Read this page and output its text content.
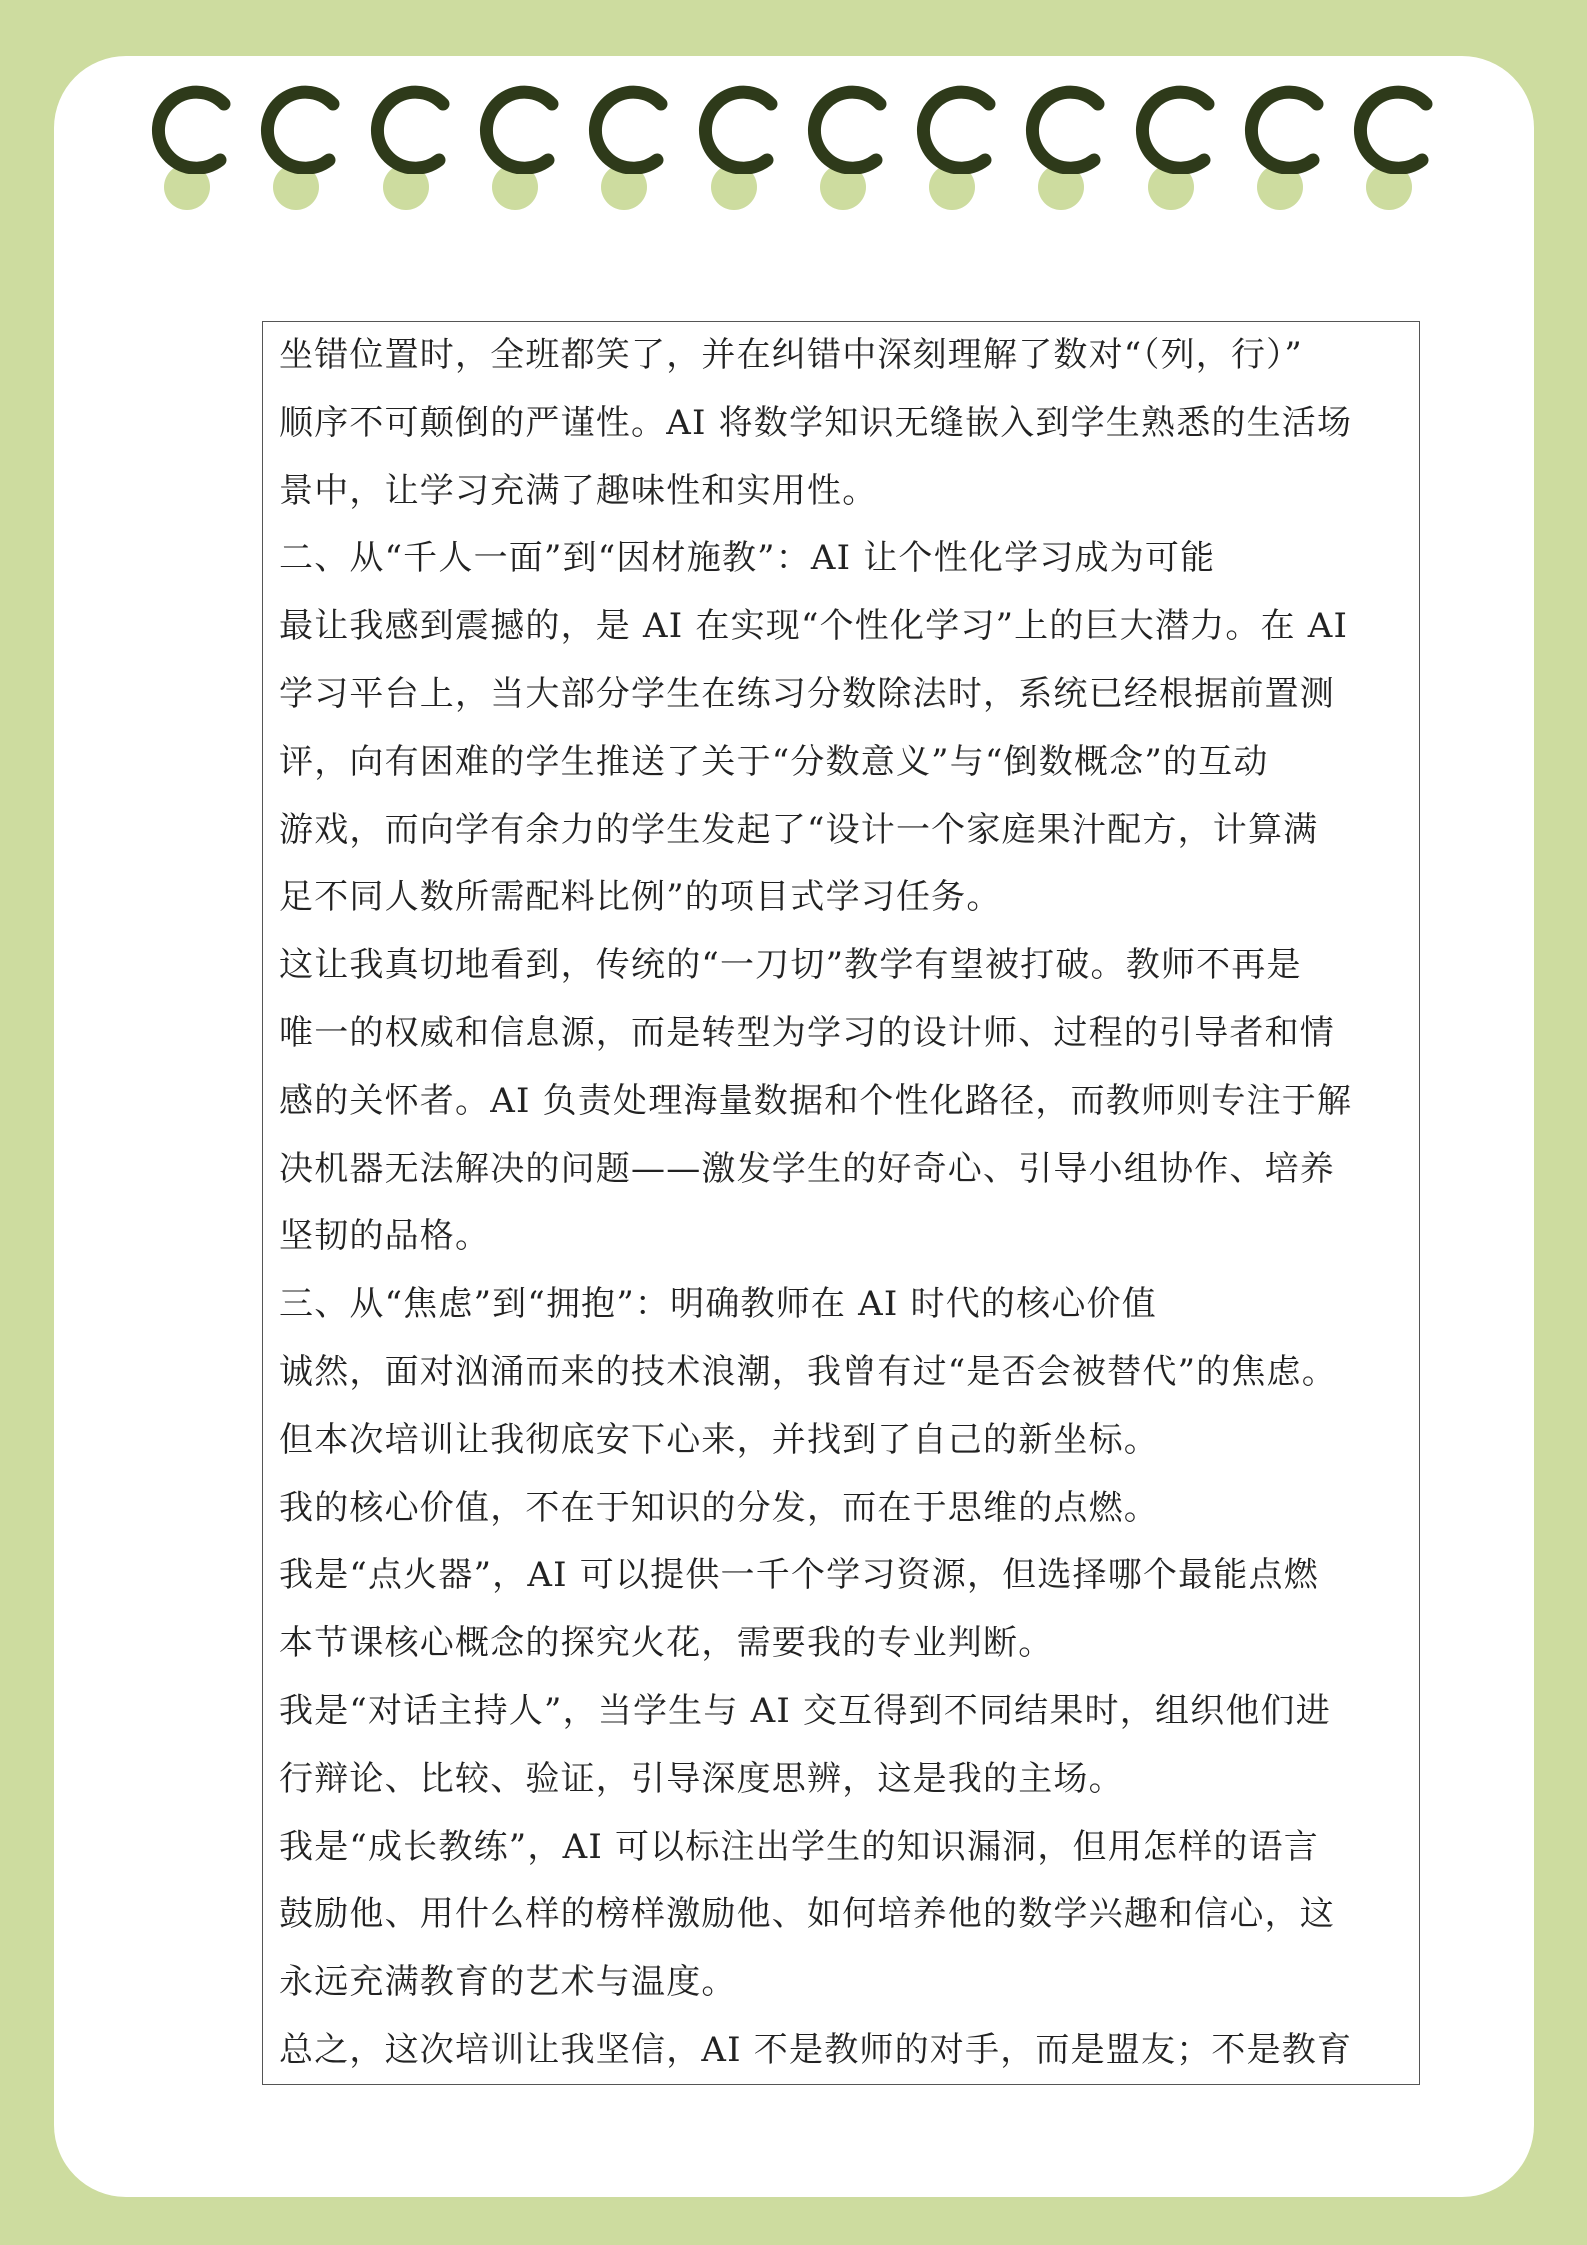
坐错位置时，全班都笑了，并在纠错中深刻理解了数对“（列，行）”
顺序不可颠倒的严谨性。AI 将数学知识无缝嵌入到学生熟悉的生活场
景中，让学习充满了趣味性和实用性。
二、从“千人一面”到“因材施教”：AI 让个性化学习成为可能
最让我感到震撼的，是 AI 在实现“个性化学习”上的巨大潜力。在 AI
学习平台上，当大部分学生在练习分数除法时，系统已经根据前置测
评，向有困难的学生推送了关于“分数意义”与“倒数概念”的互动
游戏，而向学有余力的学生发起了“设计一个家庭果汁配方，计算满
足不同人数所需配料比例”的项目式学习任务。
这让我真切地看到，传统的“一刀切”教学有望被打破。教师不再是
唯一的权威和信息源，而是转型为学习的设计师、过程的引导者和情
感的关怀者。AI 负责处理海量数据和个性化路径，而教师则专注于解
决机器无法解决的问题——激发学生的好奇心、引导小组协作、培养
坚韧的品格。
三、从“焦虑”到“拥抱”：明确教师在 AI 时代的核心价值
诚然，面对汹涌而来的技术浪潮，我曾有过“是否会被替代”的焦虑。
但本次培训让我彻底安下心来，并找到了自己的新坐标。
我的核心价值，不在于知识的分发，而在于思维的点燃。
我是“点火器”，AI 可以提供一千个学习资源，但选择哪个最能点燃
本节课核心概念的探究火花，需要我的专业判断。
我是“对话主持人”，当学生与 AI 交互得到不同结果时，组织他们进
行辩论、比较、验证，引导深度思辨，这是我的主场。
我是“成长教练”，AI 可以标注出学生的知识漏洞，但用怎样的语言
鼓励他、用什么样的榜样激励他、如何培养他的数学兴趣和信心，这
永远充满教育的艺术与温度。
总之，这次培训让我坚信，AI 不是教师的对手，而是盟友；不是教育
